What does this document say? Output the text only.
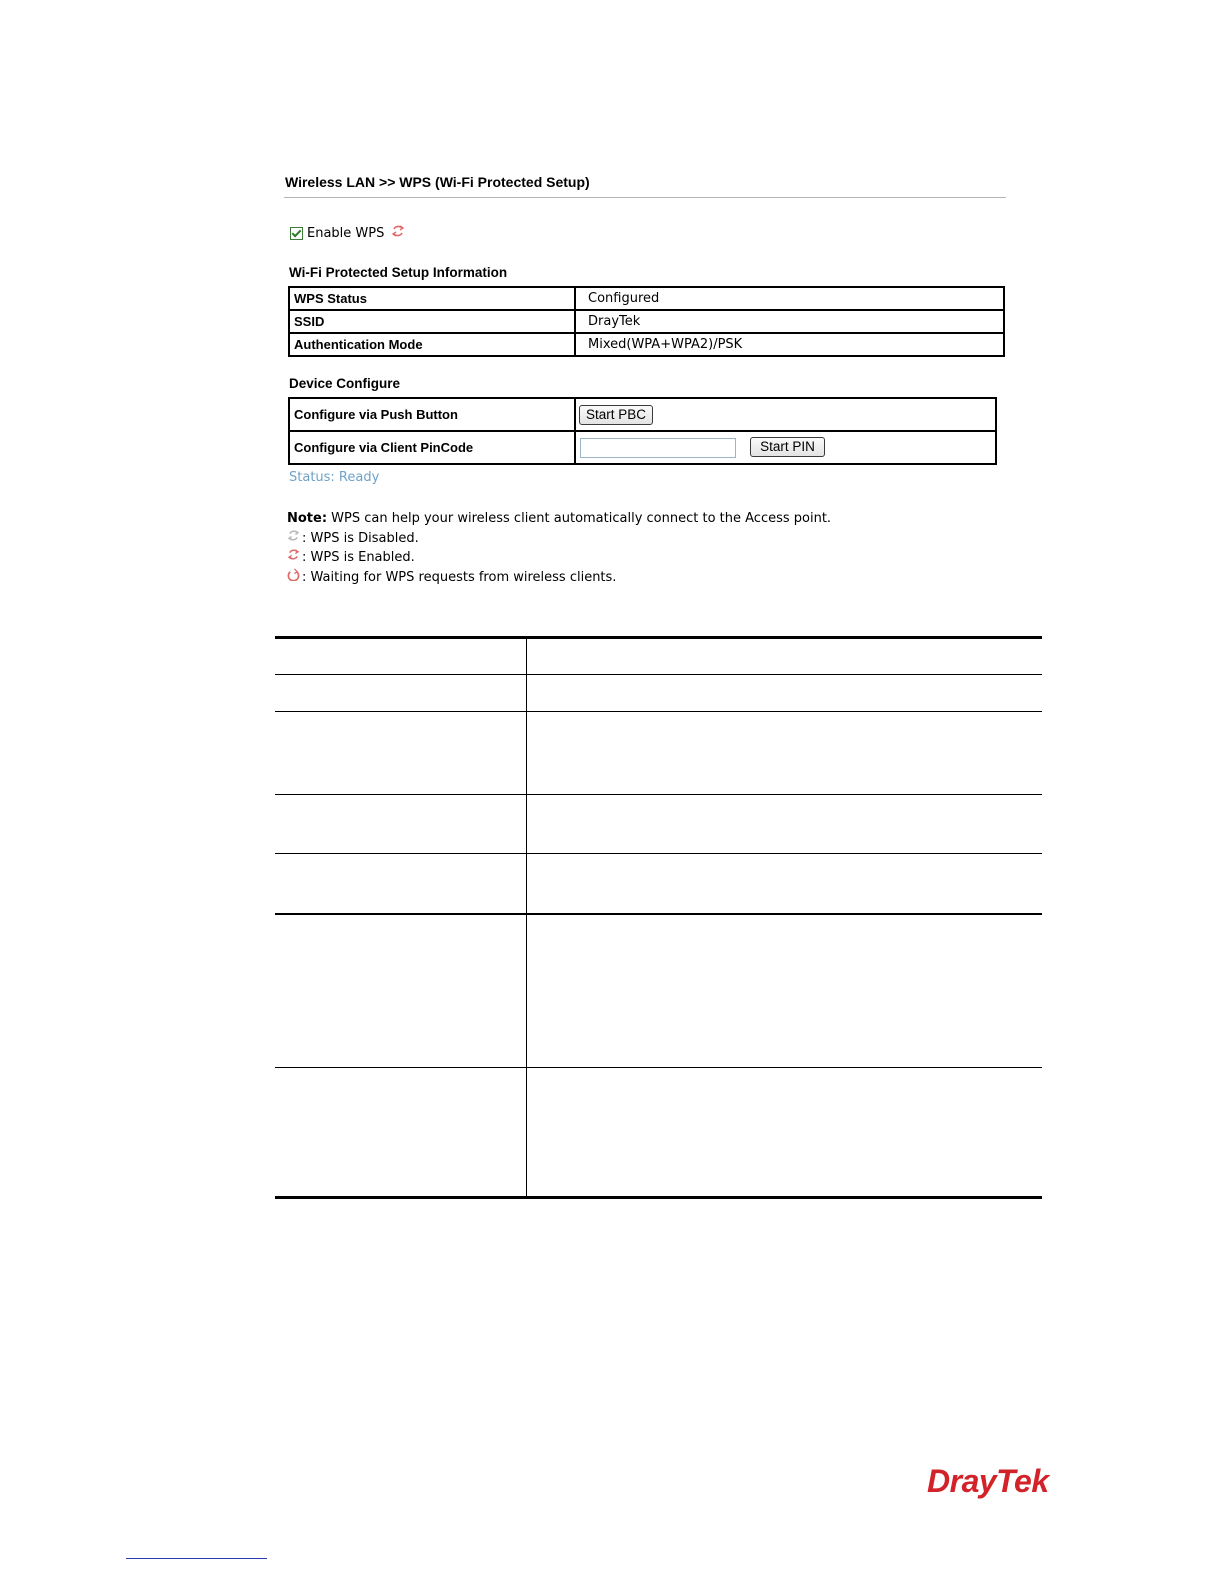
Wireless LAN >> WPS (Wi-Fi Protected Setup)
Enable WPS
Wi-Fi Protected Setup Information
WPS Status	Configured
SSID	DrayTek
Authentication Mode	Mixed(WPA+WPA2)/PSK
Device Configure
Configure via Push Button	Start PBC
Configure via Client PinCode	Start PIN
Status: Ready
Note: WPS can help your wireless client automatically connect to the Access point.
: WPS is Disabled.
: WPS is Enabled.
: Waiting for WPS requests from wireless clients.
DrayTek
